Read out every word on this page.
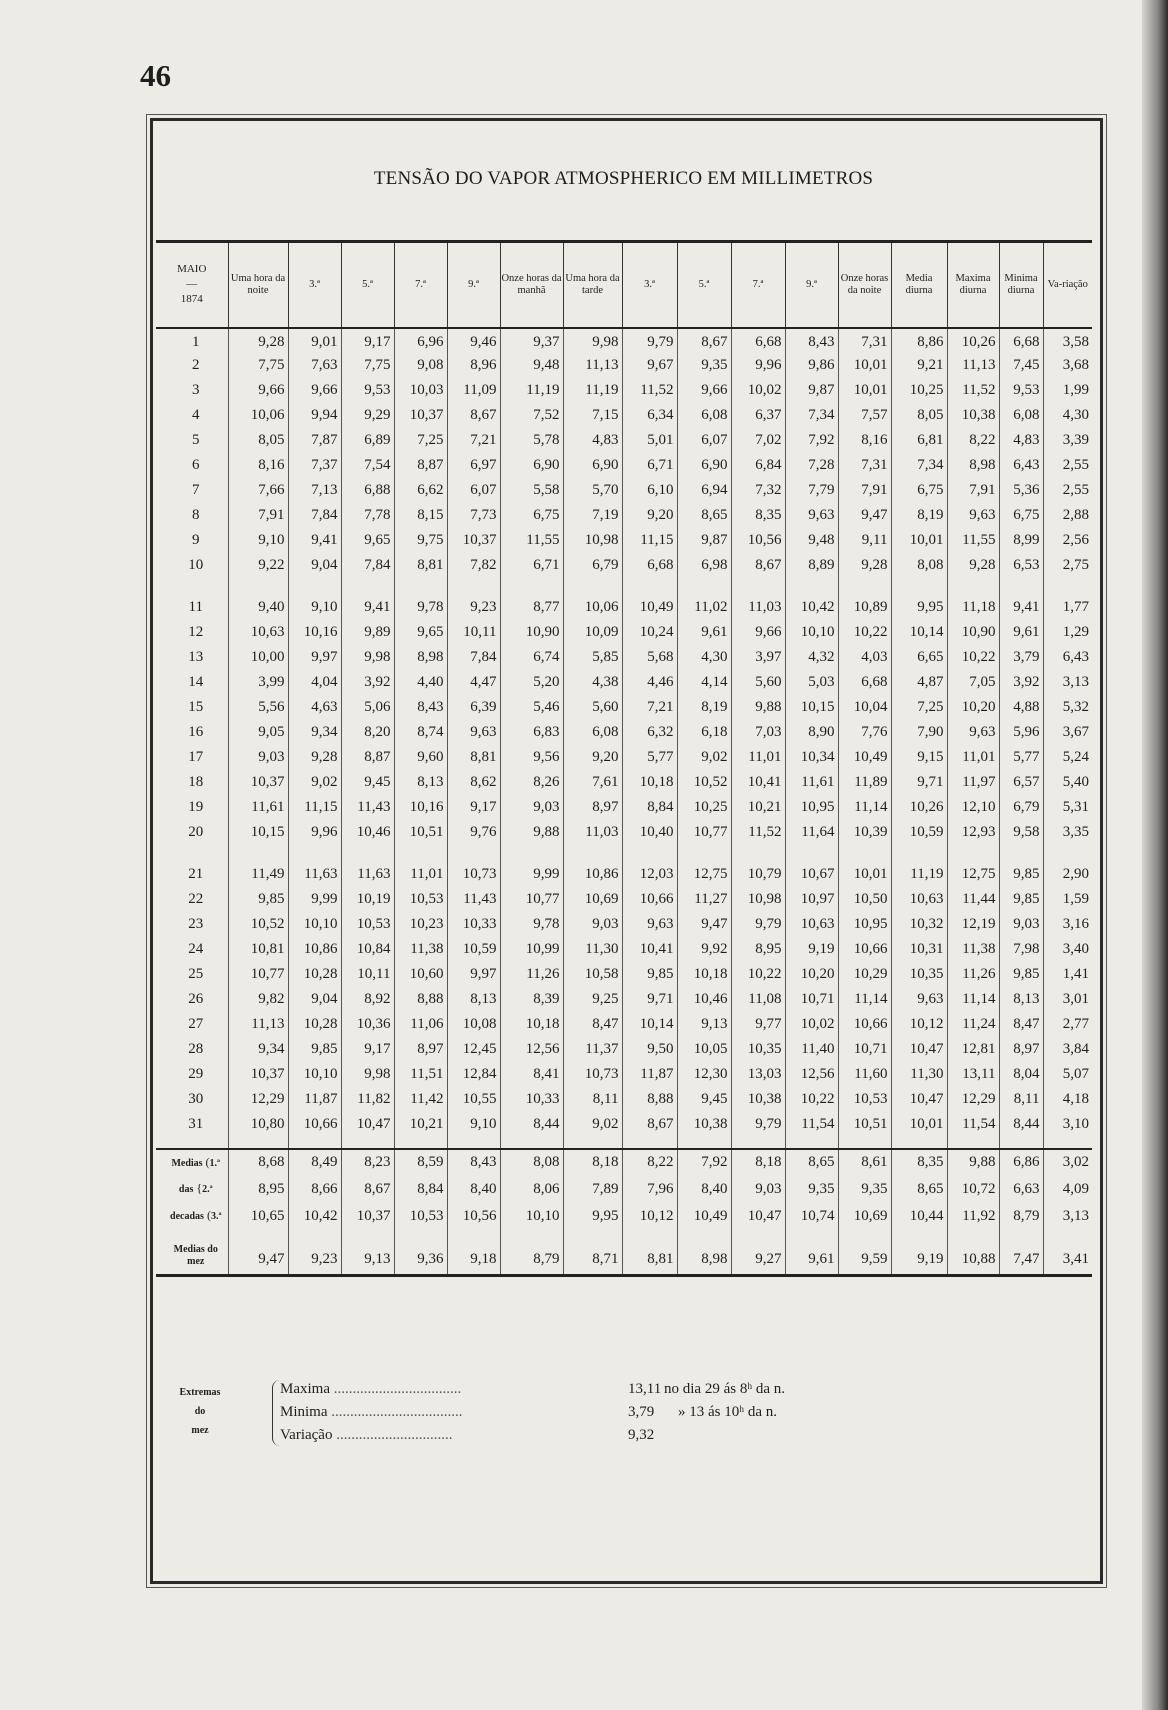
46
TENSÃO DO VAPOR ATMOSPHERICO EM MILLIMETROS
MAIO
—
1874	Uma hora da noite	3.ª	5.ª	7.ª	9.ª	Onze horas da manhã	Uma hora da tarde	3.ª	5.ª	7.ª	9.ª	Onze horas da noite	Media diurna	Maxima diurna	Minima diurna	Va-riação
1	9,28	9,01	9,17	6,96	9,46	9,37	9,98	9,79	8,67	6,68	8,43	7,31	8,86	10,26	6,68	3,58
2	7,75	7,63	7,75	9,08	8,96	9,48	11,13	9,67	9,35	9,96	9,86	10,01	9,21	11,13	7,45	3,68
3	9,66	9,66	9,53	10,03	11,09	11,19	11,19	11,52	9,66	10,02	9,87	10,01	10,25	11,52	9,53	1,99
4	10,06	9,94	9,29	10,37	8,67	7,52	7,15	6,34	6,08	6,37	7,34	7,57	8,05	10,38	6,08	4,30
5	8,05	7,87	6,89	7,25	7,21	5,78	4,83	5,01	6,07	7,02	7,92	8,16	6,81	8,22	4,83	3,39
6	8,16	7,37	7,54	8,87	6,97	6,90	6,90	6,71	6,90	6,84	7,28	7,31	7,34	8,98	6,43	2,55
7	7,66	7,13	6,88	6,62	6,07	5,58	5,70	6,10	6,94	7,32	7,79	7,91	6,75	7,91	5,36	2,55
8	7,91	7,84	7,78	8,15	7,73	6,75	7,19	9,20	8,65	8,35	9,63	9,47	8,19	9,63	6,75	2,88
9	9,10	9,41	9,65	9,75	10,37	11,55	10,98	11,15	9,87	10,56	9,48	9,11	10,01	11,55	8,99	2,56
10	9,22	9,04	7,84	8,81	7,82	6,71	6,79	6,68	6,98	8,67	8,89	9,28	8,08	9,28	6,53	2,75

11	9,40	9,10	9,41	9,78	9,23	8,77	10,06	10,49	11,02	11,03	10,42	10,89	9,95	11,18	9,41	1,77
12	10,63	10,16	9,89	9,65	10,11	10,90	10,09	10,24	9,61	9,66	10,10	10,22	10,14	10,90	9,61	1,29
13	10,00	9,97	9,98	8,98	7,84	6,74	5,85	5,68	4,30	3,97	4,32	4,03	6,65	10,22	3,79	6,43
14	3,99	4,04	3,92	4,40	4,47	5,20	4,38	4,46	4,14	5,60	5,03	6,68	4,87	7,05	3,92	3,13
15	5,56	4,63	5,06	8,43	6,39	5,46	5,60	7,21	8,19	9,88	10,15	10,04	7,25	10,20	4,88	5,32
16	9,05	9,34	8,20	8,74	9,63	6,83	6,08	6,32	6,18	7,03	8,90	7,76	7,90	9,63	5,96	3,67
17	9,03	9,28	8,87	9,60	8,81	9,56	9,20	5,77	9,02	11,01	10,34	10,49	9,15	11,01	5,77	5,24
18	10,37	9,02	9,45	8,13	8,62	8,26	7,61	10,18	10,52	10,41	11,61	11,89	9,71	11,97	6,57	5,40
19	11,61	11,15	11,43	10,16	9,17	9,03	8,97	8,84	10,25	10,21	10,95	11,14	10,26	12,10	6,79	5,31
20	10,15	9,96	10,46	10,51	9,76	9,88	11,03	10,40	10,77	11,52	11,64	10,39	10,59	12,93	9,58	3,35

21	11,49	11,63	11,63	11,01	10,73	9,99	10,86	12,03	12,75	10,79	10,67	10,01	11,19	12,75	9,85	2,90
22	9,85	9,99	10,19	10,53	11,43	10,77	10,69	10,66	11,27	10,98	10,97	10,50	10,63	11,44	9,85	1,59
23	10,52	10,10	10,53	10,23	10,33	9,78	9,03	9,63	9,47	9,79	10,63	10,95	10,32	12,19	9,03	3,16
24	10,81	10,86	10,84	11,38	10,59	10,99	11,30	10,41	9,92	8,95	9,19	10,66	10,31	11,38	7,98	3,40
25	10,77	10,28	10,11	10,60	9,97	11,26	10,58	9,85	10,18	10,22	10,20	10,29	10,35	11,26	9,85	1,41
26	9,82	9,04	8,92	8,88	8,13	8,39	9,25	9,71	10,46	11,08	10,71	11,14	9,63	11,14	8,13	3,01
27	11,13	10,28	10,36	11,06	10,08	10,18	8,47	10,14	9,13	9,77	10,02	10,66	10,12	11,24	8,47	2,77
28	9,34	9,85	9,17	8,97	12,45	12,56	11,37	9,50	10,05	10,35	11,40	10,71	10,47	12,81	8,97	3,84
29	10,37	10,10	9,98	11,51	12,84	8,41	10,73	11,87	12,30	13,03	12,56	11,60	11,30	13,11	8,04	5,07
30	12,29	11,87	11,82	11,42	10,55	10,33	8,11	8,88	9,45	10,38	10,22	10,53	10,47	12,29	8,11	4,18
31	10,80	10,66	10,47	10,21	9,10	8,44	9,02	8,67	10,38	9,79	11,54	10,51	10,01	11,54	8,44	3,10

Medias (1.ª	8,68	8,49	8,23	8,59	8,43	8,08	8,18	8,22	7,92	8,18	8,65	8,61	8,35	9,88	6,86	3,02
das {2.ª	8,95	8,66	8,67	8,84	8,40	8,06	7,89	7,96	8,40	9,03	9,35	9,35	8,65	10,72	6,63	4,09
decadas (3.ª	10,65	10,42	10,37	10,53	10,56	10,10	9,95	10,12	10,49	10,47	10,74	10,69	10,44	11,92	8,79	3,13
Medias do
mez	9,47	9,23	9,13	9,36	9,18	8,79	8,71	8,81	8,98	9,27	9,61	9,59	9,19	10,88	7,47	3,41

Extremas
do
mez
Maxima ..................................	13,11 no dia 29 ás 8ʰ da n.
Minima ...................................	3,79 » 13 ás 10ʰ da n.
Variação ...............................	9,32
